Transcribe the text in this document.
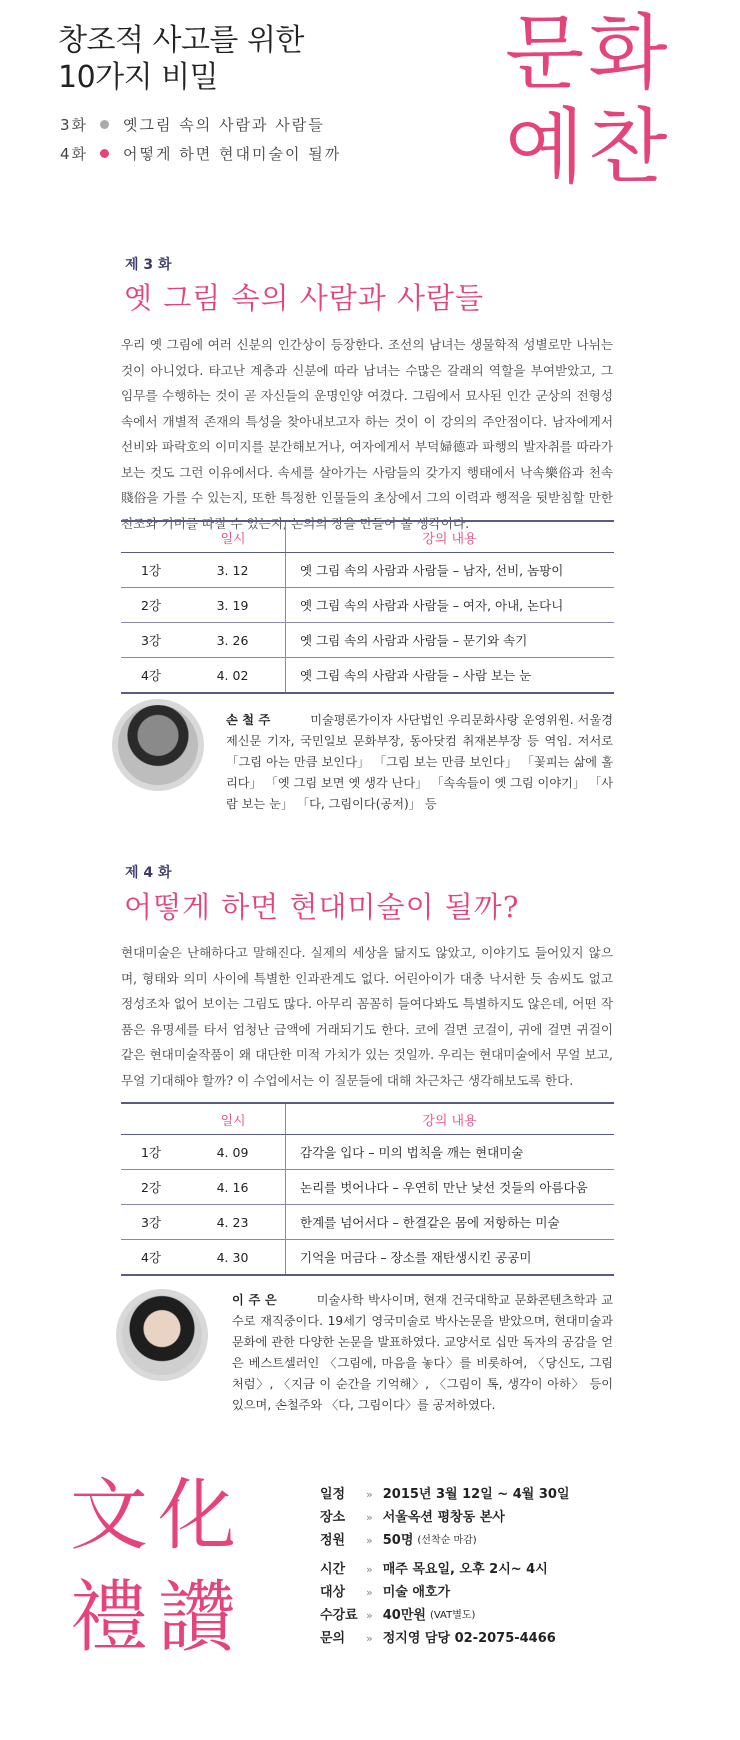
창조적 사고를 위한
10가지 비밀
3화 옛그림 속의 사람과 사람들
4화 어떻게 하면 현대미술이 될까
문화
예찬
제 3 화
옛 그림 속의 사람과 사람들
우리 옛 그림에 여러 신분의 인간상이 등장한다. 조선의 남녀는 생물학적 성별로만 나뉘는 것이 아니었다. 타고난 계층과 신분에 따라 남녀는 수많은 갈래의 역할을 부여받았고, 그 임무를 수행하는 것이 곧 자신들의 운명인양 여겼다. 그림에서 묘사된 인간 군상의 전형성 속에서 개별적 존재의 특성을 찾아내보고자 하는 것이 이 강의의 주안점이다. 남자에게서 선비와 파락호의 이미지를 분간해보거나, 여자에게서 부덕婦德과 파행의 발자취를 따라가 보는 것도 그런 이유에서다. 속세를 살아가는 사람들의 갖가지 행태에서 낙속樂俗과 천속賤俗을 가를 수 있는지, 또한 특정한 인물들의 초상에서 그의 이력과 행적을 뒷받침할 만한 전조와 기미를 따질 수 있는지, 논의의 장을 만들어 볼 생각이다.
	일시	강의 내용
1강	3. 12	옛 그림 속의 사람과 사람들 – 남자, 선비, 놈팡이
2강	3. 19	옛 그림 속의 사람과 사람들 – 여자, 아내, 논다니
3강	3. 26	옛 그림 속의 사람과 사람들 – 문기와 속기
4강	4. 02	옛 그림 속의 사람과 사람들 – 사람 보는 눈
손 철 주	미술평론가이자 사단법인 우리문화사랑 운영위원. 서울경제신문 기자, 국민일보 문화부장, 동아닷컴 취재본부장 등 역임. 저서로 「그림 아는 만큼 보인다」 「그림 보는 만큼 보인다」 「꽃피는 삶에 홀리다」 「옛 그림 보면 옛 생각 난다」 「속속들이 옛 그림 이야기」 「사람 보는 눈」 「다, 그림이다(공저)」 등
제 4 화
어떻게 하면 현대미술이 될까?
현대미술은 난해하다고 말해진다. 실제의 세상을 닮지도 않았고, 이야기도 들어있지 않으며, 형태와 의미 사이에 특별한 인과관계도 없다. 어린아이가 대충 낙서한 듯 솜씨도 없고 정성조차 없어 보이는 그림도 많다. 아무리 꼼꼼히 들여다봐도 특별하지도 않은데, 어떤 작품은 유명세를 타서 엄청난 금액에 거래되기도 한다. 코에 걸면 코걸이, 귀에 걸면 귀걸이 같은 현대미술작품이 왜 대단한 미적 가치가 있는 것일까. 우리는 현대미술에서 무얼 보고, 무얼 기대해야 할까? 이 수업에서는 이 질문들에 대해 차근차근 생각해보도록 한다.
	일시	강의 내용
1강	4. 09	감각을 입다 – 미의 법칙을 깨는 현대미술
2강	4. 16	논리를 벗어나다 – 우연히 만난 낯선 것들의 아름다움
3강	4. 23	한계를 넘어서다 – 한결같은 몸에 저항하는 미술
4강	4. 30	기억을 머금다 – 장소를 재탄생시킨 공공미
이 주 은	미술사학 박사이며, 현재 건국대학교 문화콘텐츠학과 교수로 재직중이다. 19세기 영국미술로 박사논문을 받았으며, 현대미술과 문화에 관한 다양한 논문을 발표하였다. 교양서로 십만 독자의 공감을 얻은 베스트셀러인 〈그림에, 마음을 놓다〉를 비롯하여, 〈당신도, 그림처럼〉, 〈지금 이 순간을 기억해〉, 〈그림이 톡, 생각이 아하〉 등이 있으며, 손철주와 〈다, 그림이다〉를 공저하였다.
文化
禮讚
일정	» 2015년 3월 12일 ~ 4월 30일
장소	» 서울옥션 평창동 본사
정원	» 50명 (선착순 마감)
시간	» 매주 목요일, 오후 2시~ 4시
대상	» 미술 애호가
수강료 » 40만원 (VAT별도)
문의	» 정지영 담당 02-2075-4466
